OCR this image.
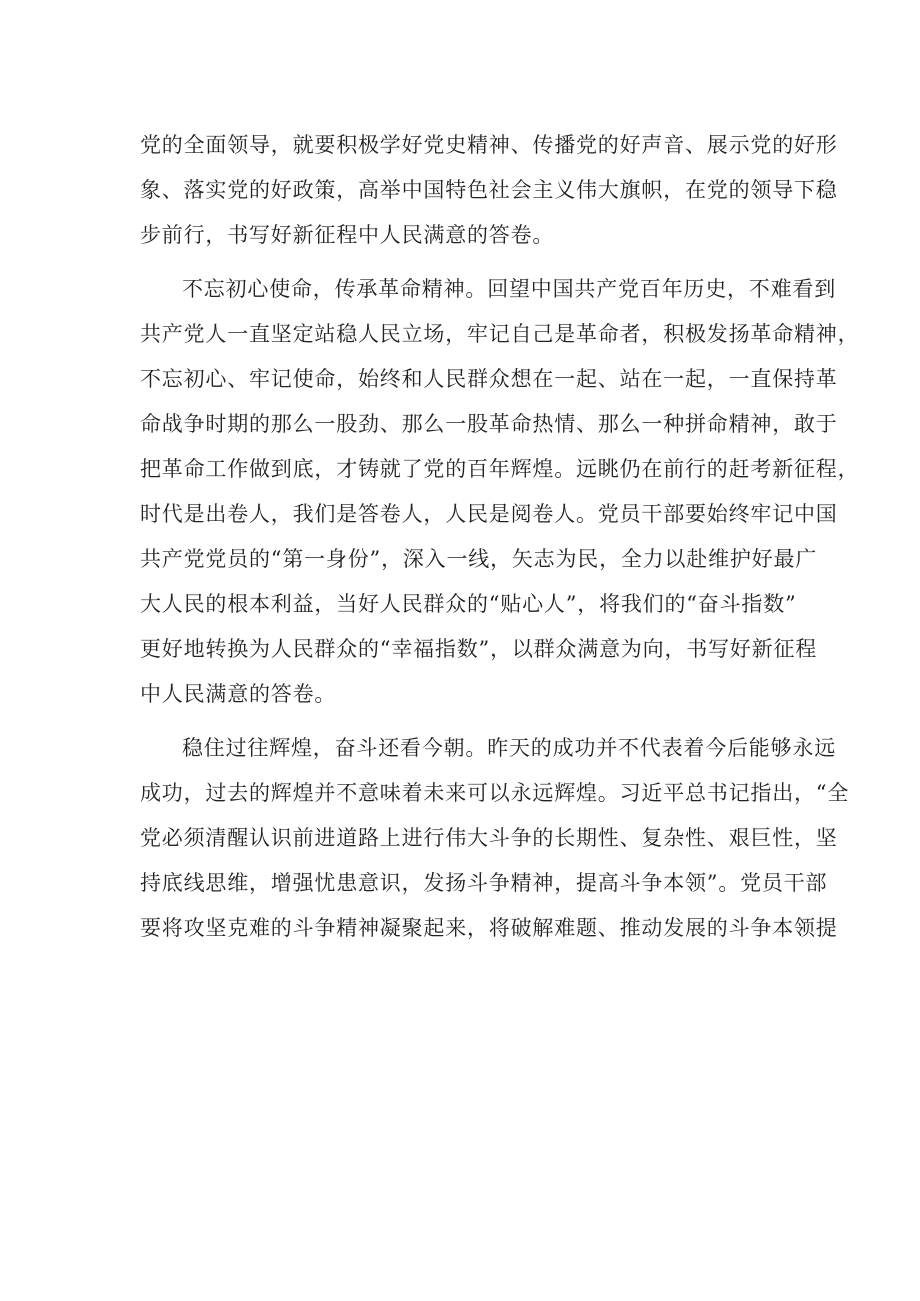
党的全面领导，就要积极学好党史精神、传播党的好声音、展示党的好形
象、落实党的好政策，高举中国特色社会主义伟大旗帜，在党的领导下稳
步前行，书写好新征程中人民满意的答卷。
不忘初心使命，传承革命精神。回望中国共产党百年历史，不难看到
共产党人一直坚定站稳人民立场，牢记自己是革命者，积极发扬革命精神，
不忘初心、牢记使命，始终和人民群众想在一起、站在一起，一直保持革
命战争时期的那么一股劲、那么一股革命热情、那么一种拼命精神，敢于
把革命工作做到底，才铸就了党的百年辉煌。远眺仍在前行的赶考新征程，
时代是出卷人，我们是答卷人，人民是阅卷人。党员干部要始终牢记中国
共产党党员的“第一身份”，深入一线，矢志为民，全力以赴维护好最广
大人民的根本利益，当好人民群众的“贴心人”，将我们的“奋斗指数”
更好地转换为人民群众的“幸福指数”，以群众满意为向，书写好新征程
中人民满意的答卷。
稳住过往辉煌，奋斗还看今朝。昨天的成功并不代表着今后能够永远
成功，过去的辉煌并不意味着未来可以永远辉煌。习近平总书记指出，“全
党必须清醒认识前进道路上进行伟大斗争的长期性、复杂性、艰巨性，坚
持底线思维，增强忧患意识，发扬斗争精神，提高斗争本领”。党员干部
要将攻坚克难的斗争精神凝聚起来，将破解难题、推动发展的斗争本领提
